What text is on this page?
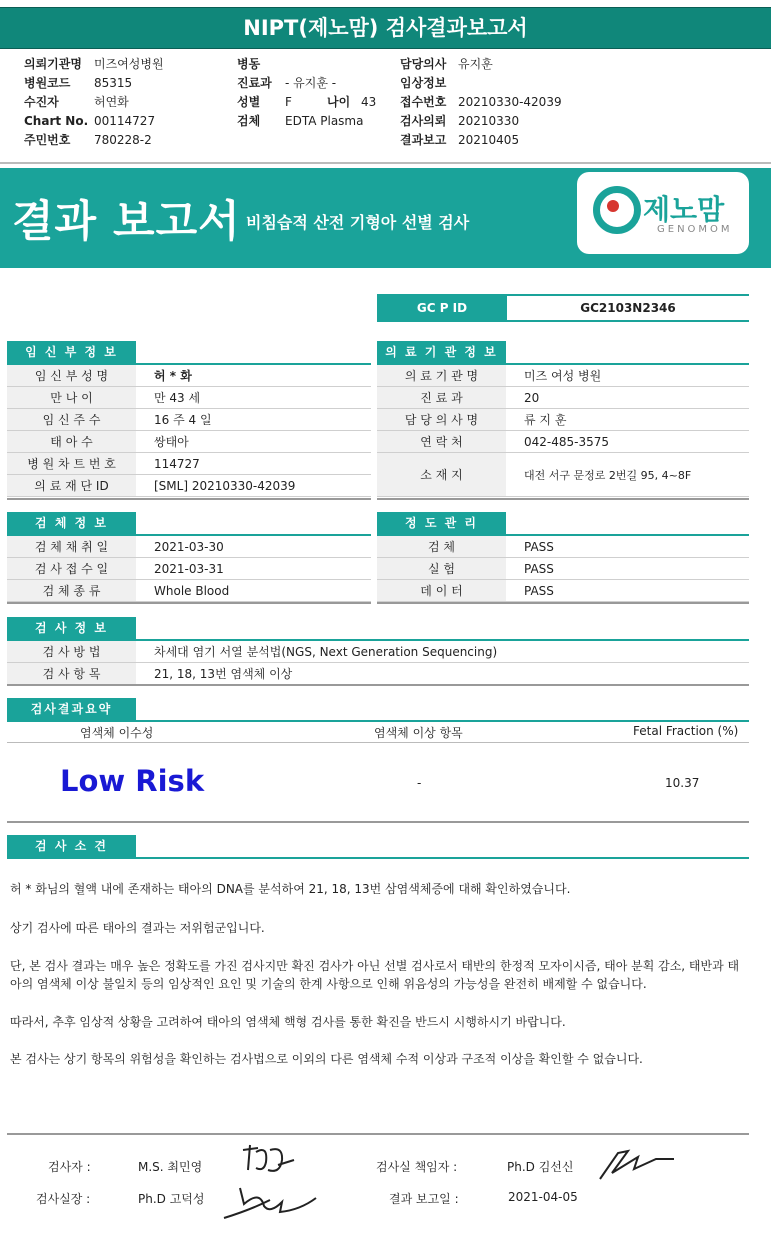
NIPT(제노맘) 검사결과보고서
의뢰기관명 미즈여성병원
병원코드 85315
수진자	허연화
Chart No. 00114727
주민번호 780228-2
병동
진료과 - 유지훈 -
성별 F	나이 43
검체 EDTA Plasma
담당의사 유지훈
임상정보
접수번호 20210330-42039
검사의뢰 20210330
결과보고 20210405
결과 보고서 비침습적 산전 기형아 선별 검사	제노맘
GENOMOM
GC P ID	GC2103N2346
임 신 부 정 보
임 신 부 성 명	허 * 화
만 나 이	만 43 세
임 신 주 수	16 주 4 일
태 아 수	쌍태아
병 원 차 트 번 호	114727
의 료 재 단 ID	[SML] 20210330-42039
의 료 기 관 정 보
의 료 기 관 명	미즈 여성 병원
진 료 과	20
담 당 의 사 명	류 지 훈
연 락 처	042-485-3575
소 재 지	대전 서구 문정로 2번길 95, 4~8F
검 체 정 보
검 체 채 취 일	2021-03-30
검 사 접 수 일	2021-03-31
검 체 종 류	Whole Blood
정 도 관 리
검 체	PASS
실 험	PASS
데 이 터	PASS
검 사 정 보
검 사 방 법	차세대 염기 서열 분석법(NGS, Next Generation Sequencing)
검 사 항 목	21, 18, 13번 염색체 이상
검사결과요약
염색체 이수성	염색체 이상 항목	Fetal Fraction (%)
Low Risk	-	10.37
검 사 소 견
허 * 화님의 혈액 내에 존재하는 태아의 DNA를 분석하여 21, 18, 13번 삼염색체증에 대해 확인하였습니다.
상기 검사에 따른 태아의 결과는 저위험군입니다.
단, 본 검사 결과는 매우 높은 정확도를 가진 검사지만 확진 검사가 아닌 선별 검사로서 태반의 한정적 모자이시즘, 태아 분획 감소, 태반과 태아의 염색체 이상 불일치 등의 임상적인 요인 및 기술의 한계 사항으로 인해 위음성의 가능성을 완전히 배제할 수 없습니다.
따라서, 추후 임상적 상황을 고려하여 태아의 염색체 핵형 검사를 통한 확진을 반드시 시행하시기 바랍니다.
본 검사는 상기 항목의 위험성을 확인하는 검사법으로 이외의 다른 염색체 수적 이상과 구조적 이상을 확인할 수 없습니다.
검사자 :	M.S. 최민영	검사실 책임자 :	Ph.D 김선신
검사실장 :	Ph.D 고덕성	결과 보고일 :	2021-04-05
